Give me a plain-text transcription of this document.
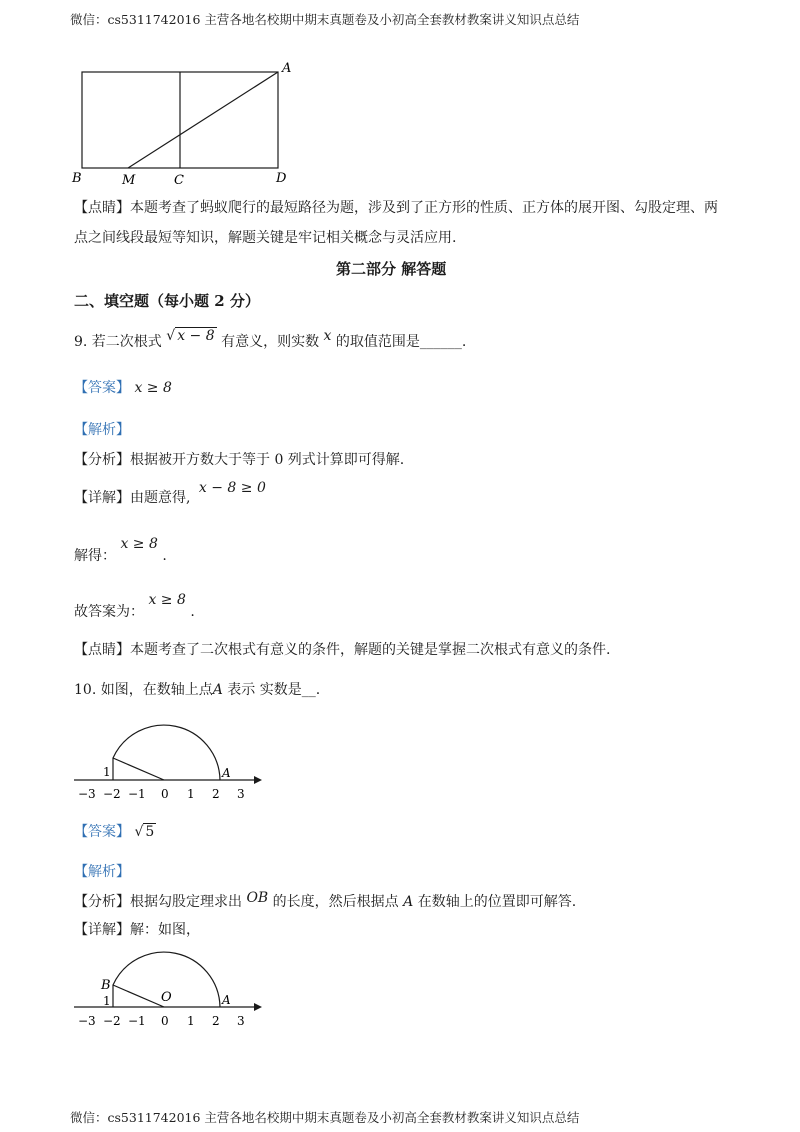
微信：cs5311742016 主营各地名校期中期末真题卷及小初高全套教材教案讲义知识点总结
A
B	M	C	D
【点睛】本题考查了蚂蚁爬行的最短路径为题，涉及到了正方形的性质、正方体的展开图、勾股定理、两
点之间线段最短等知识，解题关键是牢记相关概念与灵活应用.
第二部分 解答题
二、填空题（每小题 2 分）
9. 若二次根式 √ x − 8 有意义，则实数 x 的取值范围是______.
【答案】 x ≥ 8
【解析】
【分析】根据被开方数大于等于 0 列式计算即可得解.
【详解】由题意得, x − 8 ≥ 0
解得： x ≥ 8 .
故答案为： x ≥ 8 .
【点睛】本题考查了二次根式有意义的条件，解题的关键是掌握二次根式有意义的条件.
10. 如图，在数轴上点A 表示 实数是__.
1	A
−3 −2 −1 0 1 2 3
【答案】 √ 5
【解析】
【分析】根据勾股定理求出 OB 的长度，然后根据点 A 在数轴上的位置即可解答.
【详解】解：如图，
B
1	O	A
−3 −2 −1 0 1 2 3
微信：cs5311742016 主营各地名校期中期末真题卷及小初高全套教材教案讲义知识点总结
